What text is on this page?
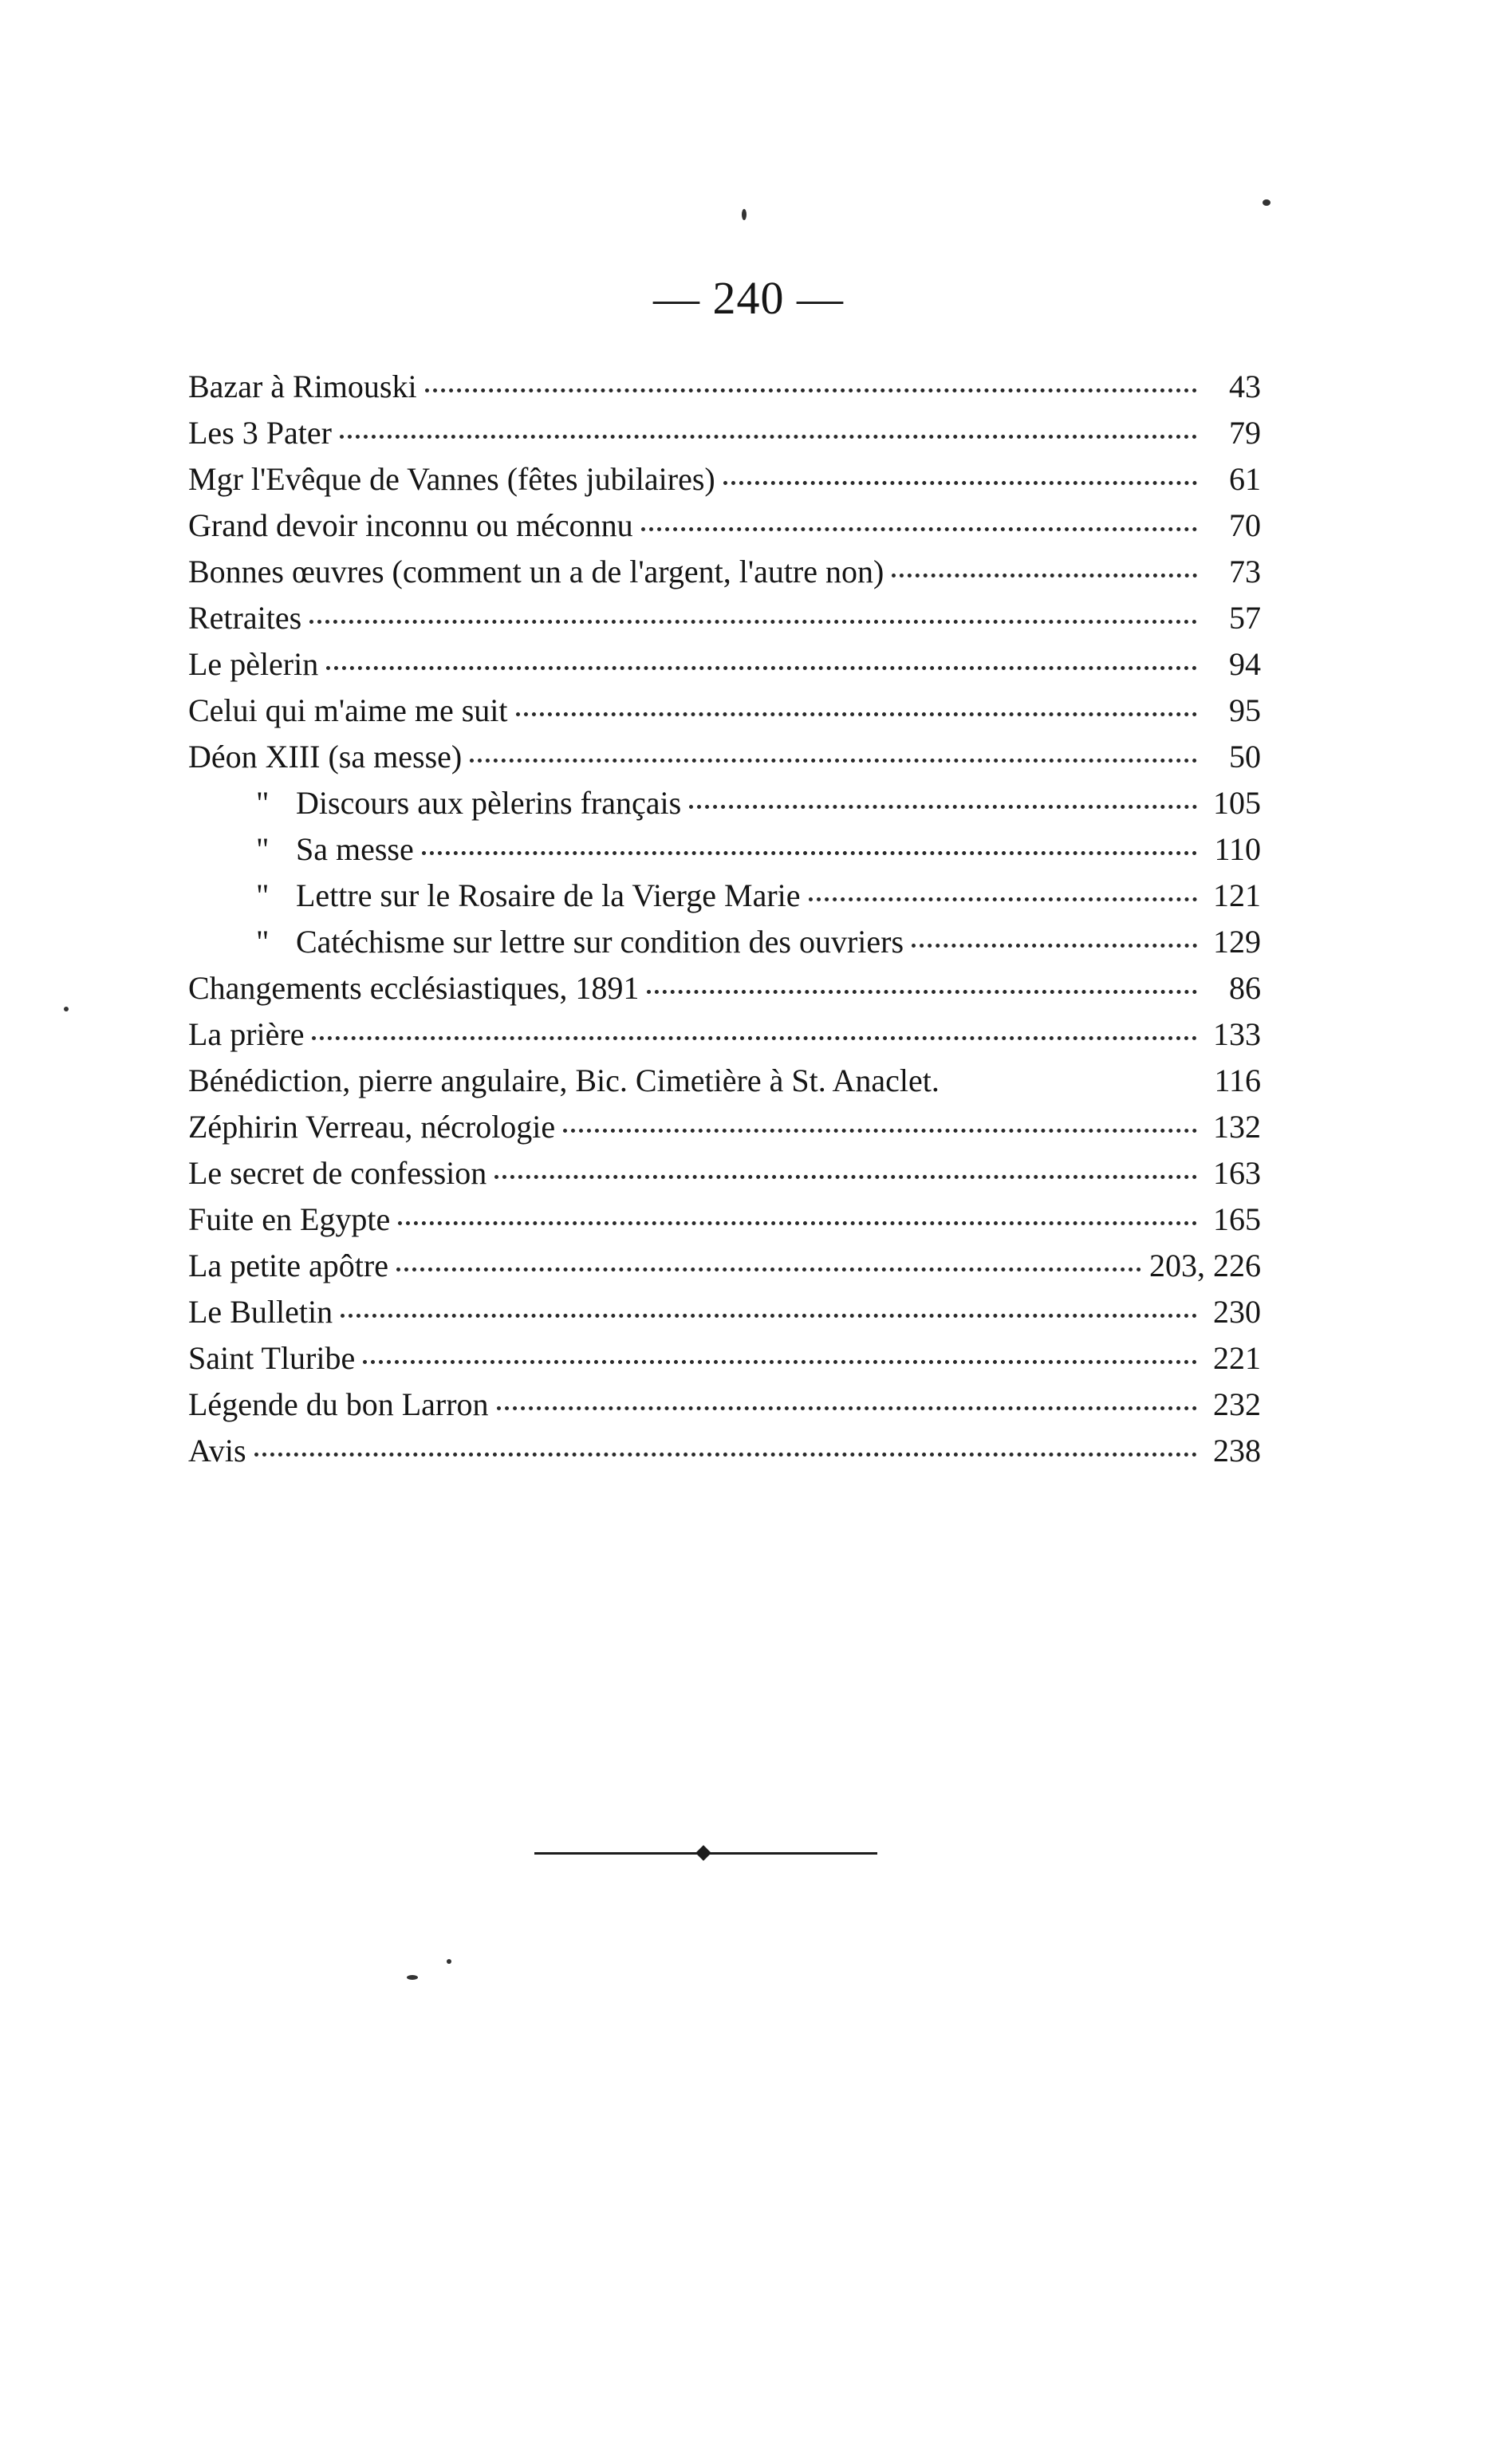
— 240 —
Bazar à Rimouski	43
Les 3 Pater	79
Mgr l'Evêque de Vannes (fêtes jubilaires)	61
Grand devoir inconnu ou méconnu	70
Bonnes œuvres (comment un a de l'argent, l'autre non)	73
Retraites	57
Le pèlerin	94
Celui qui m'aime me suit	95
Déon XIII (sa messe)	50
" Discours aux pèlerins français	105
" Sa messe	110
" Lettre sur le Rosaire de la Vierge Marie	121
" Catéchisme sur lettre sur condition des ouvriers	129
Changements ecclésiastiques, 1891	86
La prière	133
Bénédiction, pierre angulaire, Bic. Cimetière à St. Anaclet.	116
Zéphirin Verreau, nécrologie	132
Le secret de confession	163
Fuite en Egypte	165
La petite apôtre	203, 226
Le Bulletin	230
Saint Tluribe	221
Légende du bon Larron	232
Avis	238
